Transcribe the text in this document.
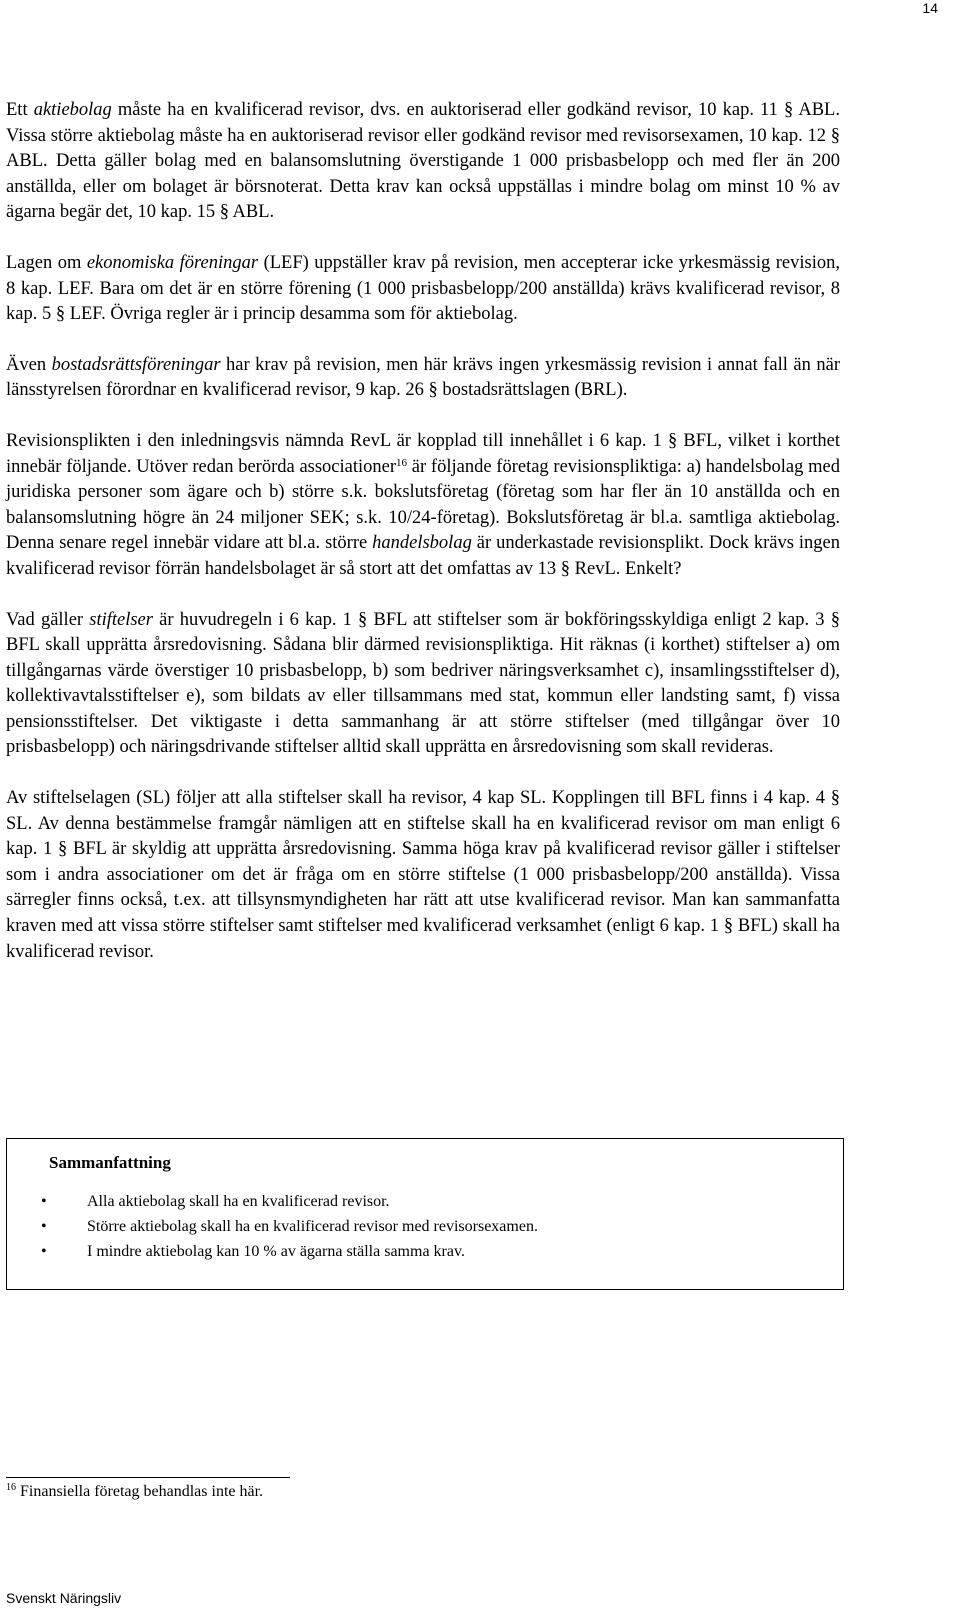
14

Ett aktiebolag måste ha en kvalificerad revisor, dvs. en auktoriserad eller godkänd revisor, 10 kap. 11 § ABL. Vissa större aktiebolag måste ha en auktoriserad revisor eller godkänd revisor med revisorsexamen, 10 kap. 12 § ABL. Detta gäller bolag med en balansomslutning överstigande 1 000 prisbasbelopp och med fler än 200 anställda, eller om bolaget är börsnoterat. Detta krav kan också uppställas i mindre bolag om minst 10 % av ägarna begär det, 10 kap. 15 § ABL.

Lagen om ekonomiska föreningar (LEF) uppställer krav på revision, men accepterar icke yrkesmässig revision, 8 kap. LEF. Bara om det är en större förening (1 000 prisbasbelopp/200 anställda) krävs kvalificerad revisor, 8 kap. 5 § LEF. Övriga regler är i princip desamma som för aktiebolag.

Även bostadsrättsföreningar har krav på revision, men här krävs ingen yrkesmässig revision i annat fall än när länsstyrelsen förordnar en kvalificerad revisor, 9 kap. 26 § bostadsrättslagen (BRL).

Revisionsplikten i den inledningsvis nämnda RevL är kopplad till innehållet i 6 kap. 1 § BFL, vilket i korthet innebär följande. Utöver redan berörda associationer$^{16}$ är följande företag revisionspliktiga: a) handelsbolag med juridiska personer som ägare och b) större s.k. bokslutsföretag (företag som har fler än 10 anställda och en balansomslutning högre än 24 miljoner SEK; s.k. 10/24-företag). Bokslutsföretag är bl.a. samtliga aktiebolag. Denna senare regel innebär vidare att bl.a. större handelsbolag är underkastade revisionsplikt. Dock krävs ingen kvalificerad revisor förrän handelsbolaget är så stort att det omfattas av 13 § RevL. Enkelt?

Vad gäller stiftelser är huvudregeln i 6 kap. 1 § BFL att stiftelser som är bokföringsskyldiga enligt 2 kap. 3 § BFL skall upprätta årsredovisning. Sådana blir därmed revisionspliktiga. Hit räknas (i korthet) stiftelser a) om tillgångarnas värde överstiger 10 prisbasbelopp, b) som bedriver näringsverksamhet c), insamlingsstiftelser d), kollektivavtalsstiftelser e), som bildats av eller tillsammans med stat, kommun eller landsting samt, f) vissa pensionsstiftelser. Det viktigaste i detta sammanhang är att större stiftelser (med tillgångar över 10 prisbasbelopp) och näringsdrivande stiftelser alltid skall upprätta en årsredovisning som skall revideras.

Av stiftelselagen (SL) följer att alla stiftelser skall ha revisor, 4 kap SL. Kopplingen till BFL finns i 4 kap. 4 § SL. Av denna bestämmelse framgår nämligen att en stiftelse skall ha en kvalificerad revisor om man enligt 6 kap. 1 § BFL är skyldig att upprätta årsredovisning. Samma höga krav på kvalificerad revisor gäller i stiftelser som i andra associationer om det är fråga om en större stiftelse (1 000 prisbasbelopp/200 anställda). Vissa särregler finns också, t.ex. att tillsynsmyndigheten har rätt att utse kvalificerad revisor. Man kan sammanfatta kraven med att vissa större stiftelser samt stiftelser med kvalificerad verksamhet (enligt 6 kap. 1 § BFL) skall ha kvalificerad revisor.

Sammanfattning
•	Alla aktiebolag skall ha en kvalificerad revisor.
•	Större aktiebolag skall ha en kvalificerad revisor med revisorsexamen.
•	I mindre aktiebolag kan 10 % av ägarna ställa samma krav.
$^{16}$ Finansiella företag behandlas inte här.
Svenskt Näringsliv
